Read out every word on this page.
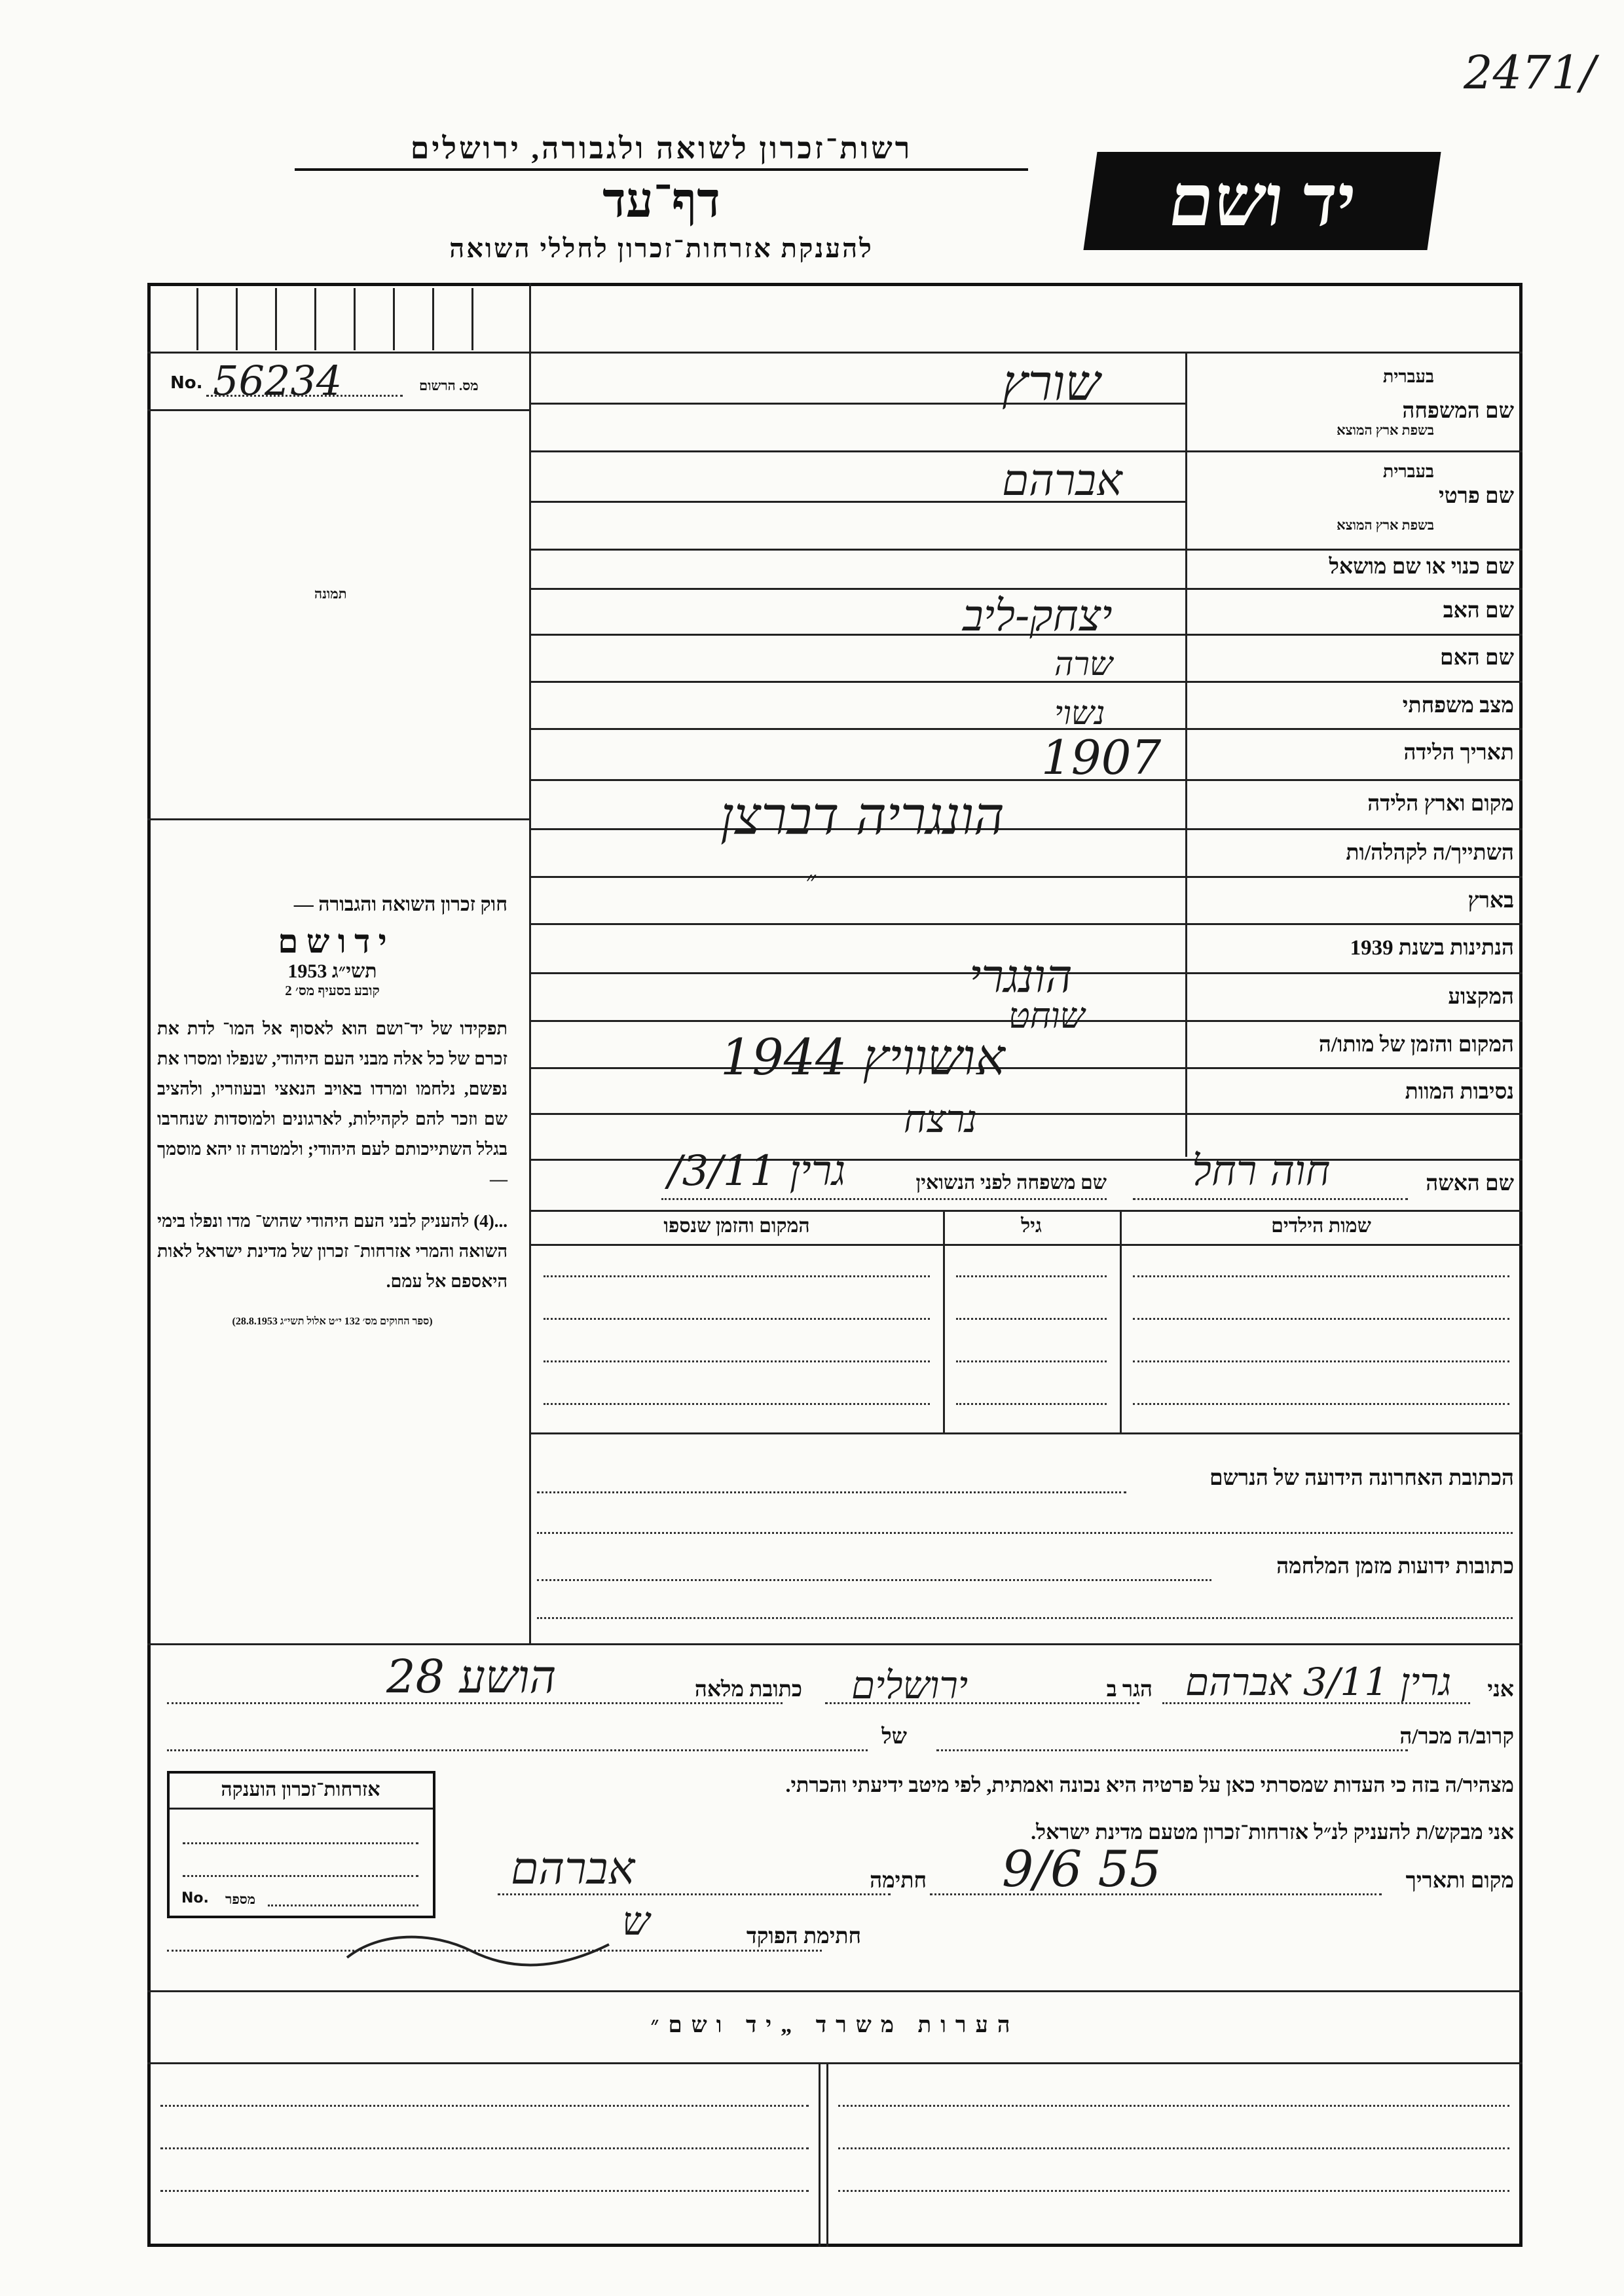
2471/
רשות־זכרון לשואה ולגבורה, ירושלים
דף־עד
להענקת אזרחות־זכרון לחללי השואה
יד ושם
No. 56234	מס. הרשום
תמונה
חוק זכרון השואה והגבורה —
י ד ו ש ם
תשי״ג 1953
קובע בסעיף מס׳ 2
תפקידו של יד־ושם הוא לאסוף אל המו־ לדת את זכרם של כל אלה מבני העם היהודי, שנפלו ומסרו את נפשם, נלחמו ומרדו באויב הנאצי ובעוזריו, ולהציב שם וזכר להם לקהילות, לארגונים ולמוסדות שנחרבו בגלל השתייכותם לעם היהודי; ולמטרה זו יהא מוסמך—
...(4) להעניק לבני העם היהודי שהוש־ מדו ונפלו בימי השואה והמרי אזרחות־ זכרון של מדינת ישראל לאות היאספם אל עמם.
(ספר החוקים מס׳ 132 י״ט אלול תשי״ג 28.8.1953)
שם המשפחה
בעברית
בשפת ארץ המוצא
שם פרטי
בעברית
בשפת ארץ המוצא
שם כנוי או שם מושאל
שם האב
שם האם
מצב משפחתי
תאריך הלידה
מקום וארץ הלידה
השתייך/ה לקהלה/ות
בארץ
הנתינות בשנת 1939
המקצוע
המקום והזמן של מותו/ה
נסיבות המוות
שורץ
אברהם
יצחק-ליב
שרה
נשוי
1907
הונגריה דברצן
״
הונגרי
שוחט
אושוויץ 1944
נרצח
שם האשה
חוה רחל
שם משפחה לפני הנשואין
גרין 3/11/
שמות הילדים
גיל
המקום והזמן שנספו
הכתובת האחרונה הידועה של הנרשם
כתובות ידועות מזמן המלחמה
אני
גרין 3/11 אברהם
הגר ב
ירושלים
כתובת מלאה
הושע 28
קרוב/ה מכר/ה
של
מצהיר/ה בזה כי העדות שמסרתי כאן על פרטיה היא נכונה ואמתית, לפי מיטב ידיעתי והכרתי.
אני מבקש/ת להעניק לנ״ל אזרחות־זכרון מטעם מדינת ישראל.
מקום ותאריך
9/6 55
חתימה
אברהם
חתימת הפוקד
ש
אזרחות־זכרון הוענקה
No. מספר
הערות משרד „יד ושם״
